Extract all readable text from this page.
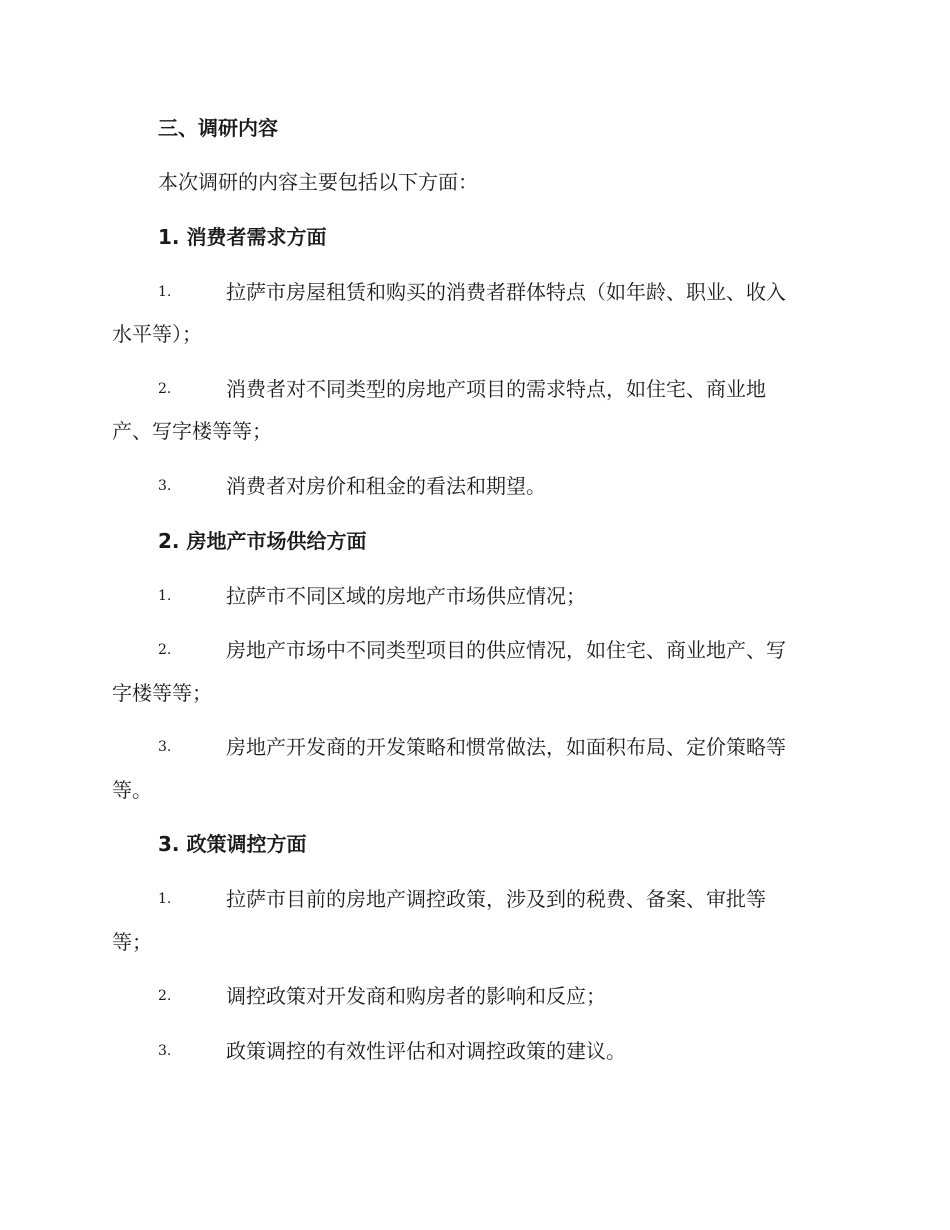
三、调研内容
本次调研的内容主要包括以下方面：
1. 消费者需求方面
1.	拉萨市房屋租赁和购买的消费者群体特点（如年龄、职业、收入
水平等）；
2.	消费者对不同类型的房地产项目的需求特点，如住宅、商业地
产、写字楼等等；
3.	消费者对房价和租金的看法和期望。
2. 房地产市场供给方面
1.	拉萨市不同区域的房地产市场供应情况；
2.	房地产市场中不同类型项目的供应情况，如住宅、商业地产、写
字楼等等；
3.	房地产开发商的开发策略和惯常做法，如面积布局、定价策略等
等。
3. 政策调控方面
1.	拉萨市目前的房地产调控政策，涉及到的税费、备案、审批等
等；
2.	调控政策对开发商和购房者的影响和反应；
3.	政策调控的有效性评估和对调控政策的建议。
